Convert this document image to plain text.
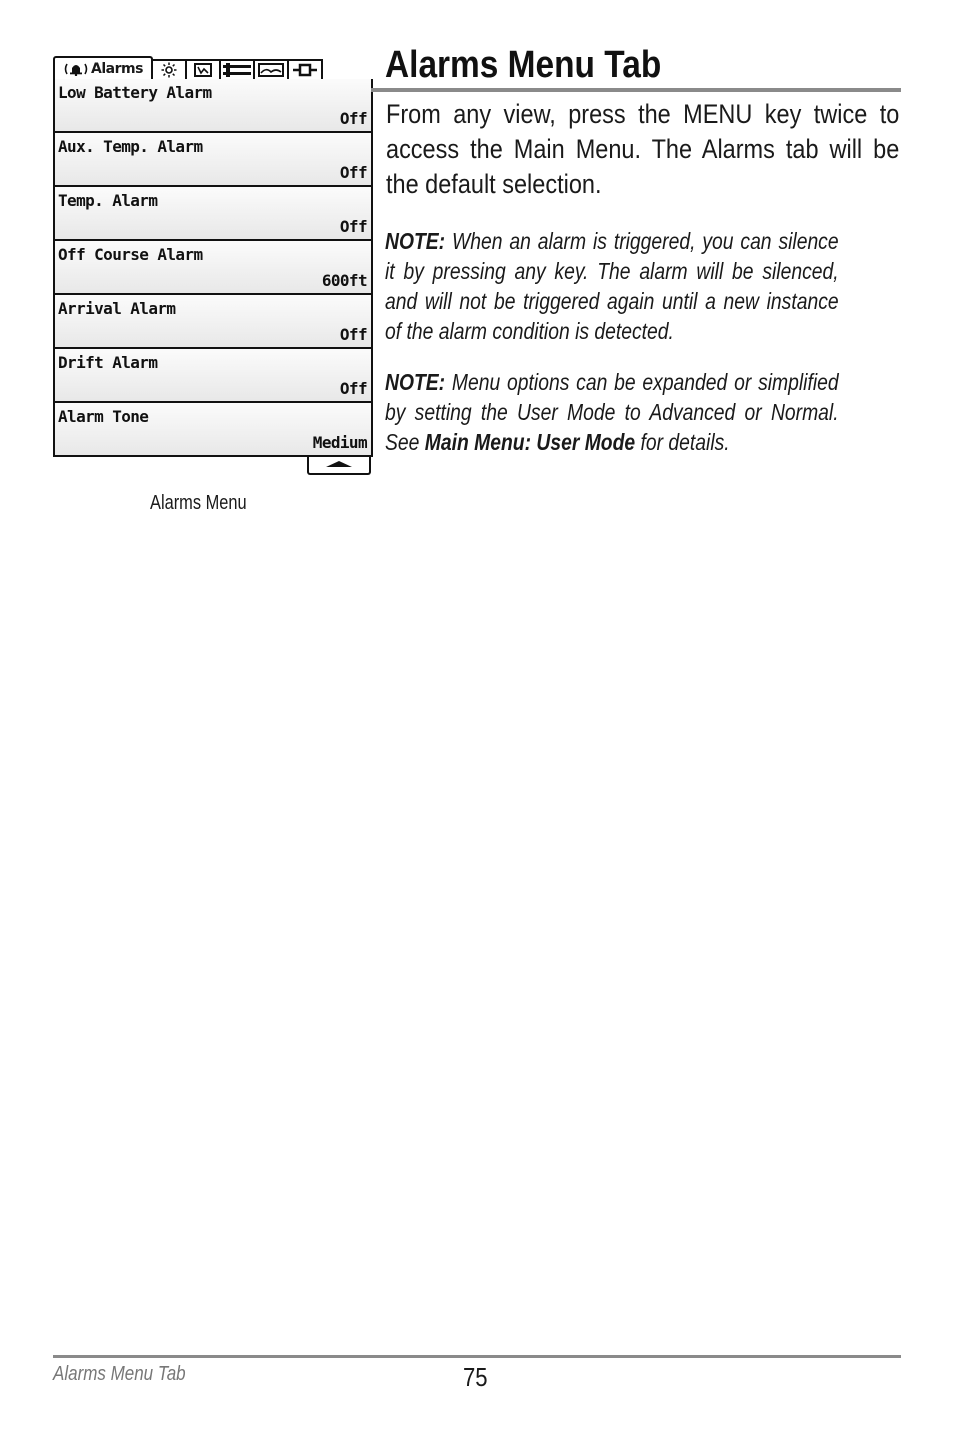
Alarms
Low Battery Alarm
Off
Aux. Temp. Alarm
Off
Temp. Alarm
Off
Off Course Alarm
600ft
Arrival Alarm
Off
Drift Alarm
Off
Alarm Tone
Medium
Alarms Menu
Alarms Menu Tab
From any view, press the MENU key twice to access the Main Menu. The Alarms tab will be the default selection.
NOTE: When an alarm is triggered, you can silence it by pressing any key. The alarm will be silenced, and will not be triggered again until a new instance of the alarm condition is detected.
NOTE: Menu options can be expanded or simplified by setting the User Mode to Advanced or Normal. See Main Menu: User Mode for details.
Alarms Menu Tab	75
